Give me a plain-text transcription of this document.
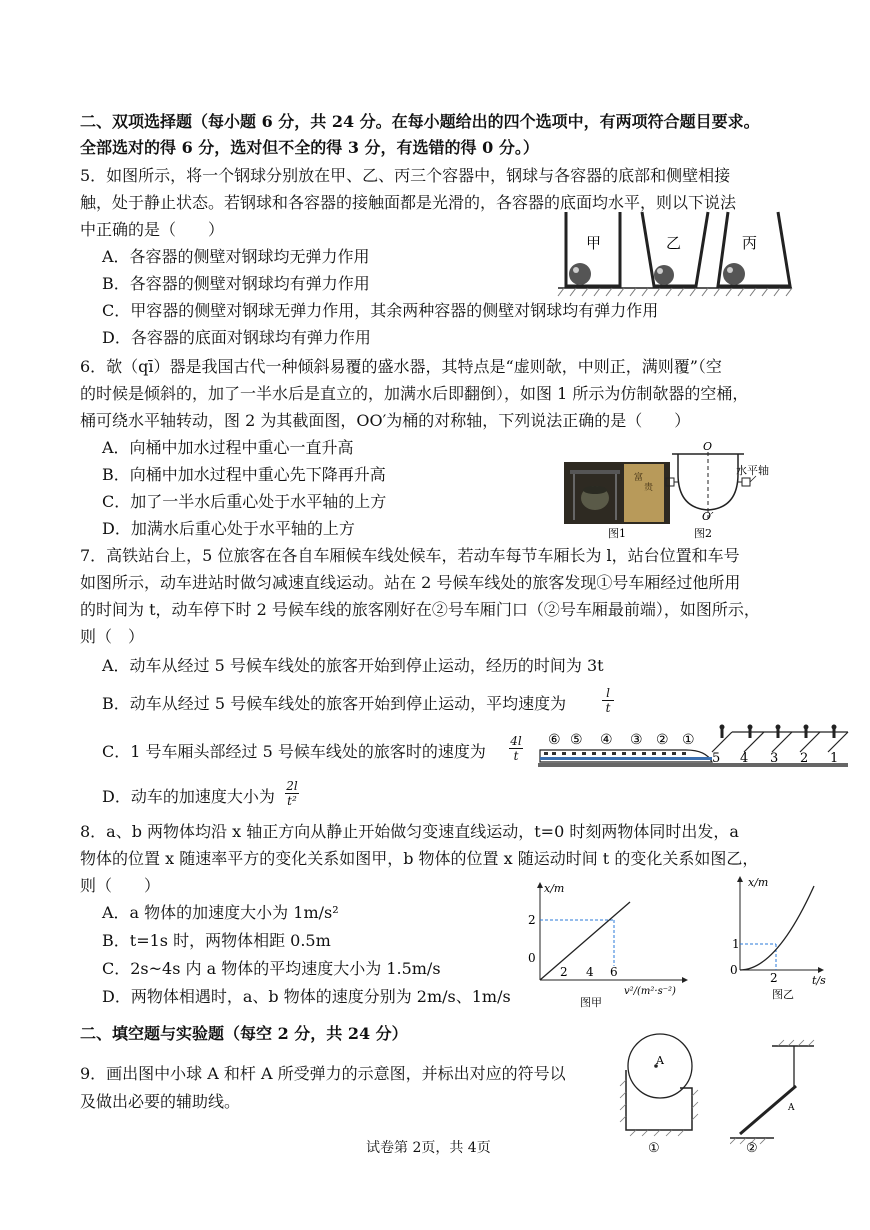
二、双项选择题（每小题 6 分，共 24 分。在每小题给出的四个选项中，有两项符合题目要求。
全部选对的得 6 分，选对但不全的得 3 分，有选错的得 0 分。）
5．如图所示，将一个钢球分别放在甲、乙、丙三个容器中，钢球与各容器的底部和侧壁相接
触，处于静止状态。若钢球和各容器的接触面都是光滑的，各容器的底面均水平，则以下说法
中正确的是（　　）
A．各容器的侧壁对钢球均无弹力作用
B．各容器的侧壁对钢球均有弹力作用
C．甲容器的侧壁对钢球无弹力作用，其余两种容器的侧壁对钢球均有弹力作用
D．各容器的底面对钢球均有弹力作用
甲	乙	丙
6．欹（qī）器是我国古代一种倾斜易覆的盛水器，其特点是“虚则欹，中则正，满则覆”（空
的时候是倾斜的，加了一半水后是直立的，加满水后即翻倒），如图 1 所示为仿制欹器的空桶，
桶可绕水平轴转动，图 2 为其截面图，OO′为桶的对称轴，下列说法正确的是（　　）
A．向桶中加水过程中重心一直升高
B．向桶中加水过程中重心先下降再升高
C．加了一半水后重心处于水平轴的上方
D．加满水后重心处于水平轴的上方
富
贵
图1
O
水平轴
O′
图2
7．高铁站台上，5 位旅客在各自车厢候车线处候车，若动车每节车厢长为 l，站台位置和车号
如图所示，动车进站时做匀减速直线运动。站在 2 号候车线处的旅客发现①号车厢经过他所用
的时间为 t，动车停下时 2 号候车线的旅客刚好在②号车厢门口（②号车厢最前端），如图所示，
则（　）
A．动车从经过 5 号候车线处的旅客开始到停止运动，经历的时间为 3t
B．动车从经过 5 号候车线处的旅客开始到停止运动，平均速度为	$\frac{l}{t}$
C．1 号车厢头部经过 5 号候车线处的旅客时的速度为 $\frac{4l}{t}$
D．动车的加速度大小为 $\frac{2l}{\text{t²}}$
⑥ ⑤ ④ ③ ② ①
5 4 3 2 1
8．a、b 两物体均沿 x 轴正方向从静止开始做匀变速直线运动，t=0 时刻两物体同时出发，a
物体的位置 x 随速率平方的变化关系如图甲，b 物体的位置 x 随运动时间 t 的变化关系如图乙，
则（　　）
A．a 物体的加速度大小为 1m/s²
B．t=1s 时，两物体相距 0.5m
C．2s~4s 内 a 物体的平均速度大小为 1.5m/s
D．两物体相遇时，a、b 物体的速度分别为 2m/s、1m/s
x/m
v²/(m²·s⁻²)
0
2
2 4 6
图甲
x/m
t/s
0
1
2
图乙
二、填空题与实验题（每空 2 分，共 24 分）
9．画出图中小球 A 和杆 A 所受弹力的示意图，并标出对应的符号以
及做出必要的辅助线。
A
①
A
②
试卷第 2页，共 4页
